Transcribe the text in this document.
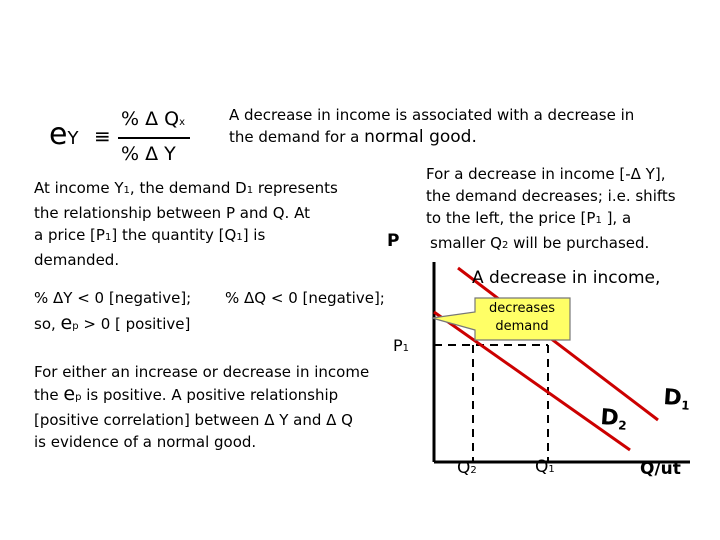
D2
D1
eY ≡
% Δ Qx
% Δ Y
A decrease in income is associated with a decrease in
the demand for a normal good.
At income Y1, the demand D1 represents
the relationship between P and Q. At
a price [P1] the quantity [Q1] is
demanded.
For a decrease in income [-Δ Y],
the demand decreases; i.e. shifts
to the left, the price [P1 ], a
smaller Q2 will be purchased.
P
% ΔY < 0 [negative]; % ΔQ < 0 [negative];
so, ep > 0 [ positive]
A decrease in income,
decreases
demand
P1
For either an increase or decrease in income
the ep is positive. A positive relationship
[positive correlation] between Δ Y and Δ Q
is evidence of a normal good.
Q2	Q1	Q/ut
